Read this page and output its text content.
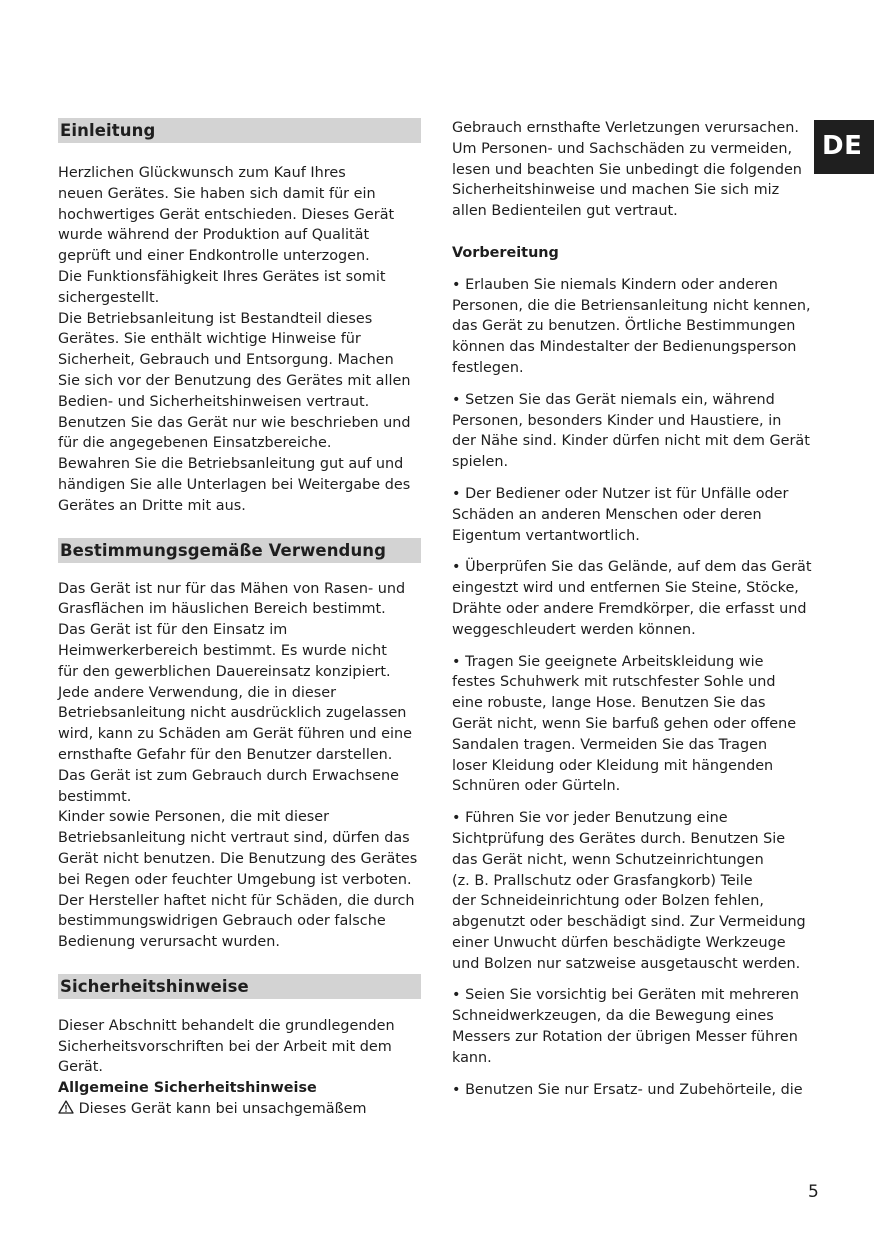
DE
Einleitung

Herzlichen Glückwunsch zum Kauf Ihres
neuen Gerätes. Sie haben sich damit für ein
hochwertiges Gerät entschieden. Dieses Gerät
wurde während der Produktion auf Qualität
geprüft und einer Endkontrolle unterzogen.
Die Funktionsfähigkeit Ihres Gerätes ist somit
sichergestellt.
Die Betriebsanleitung ist Bestandteil dieses
Gerätes. Sie enthält wichtige Hinweise für
Sicherheit, Gebrauch und Entsorgung. Machen
Sie sich vor der Benutzung des Gerätes mit allen
Bedien- und Sicherheitshinweisen vertraut.
Benutzen Sie das Gerät nur wie beschrieben und
für die angegebenen Einsatzbereiche.
Bewahren Sie die Betriebsanleitung gut auf und
händigen Sie alle Unterlagen bei Weitergabe des
Gerätes an Dritte mit aus.

Bestimmungsgemäße Verwendung

Das Gerät ist nur für das Mähen von Rasen- und
Grasflächen im häuslichen Bereich bestimmt.
Das Gerät ist für den Einsatz im
Heimwerkerbereich bestimmt. Es wurde nicht
für den gewerblichen Dauereinsatz konzipiert.
Jede andere Verwendung, die in dieser
Betriebsanleitung nicht ausdrücklich zugelassen
wird, kann zu Schäden am Gerät führen und eine
ernsthafte Gefahr für den Benutzer darstellen.
Das Gerät ist zum Gebrauch durch Erwachsene
bestimmt.
Kinder sowie Personen, die mit dieser
Betriebsanleitung nicht vertraut sind, dürfen das
Gerät nicht benutzen. Die Benutzung des Gerätes
bei Regen oder feuchter Umgebung ist verboten.
Der Hersteller haftet nicht für Schäden, die durch
bestimmungswidrigen Gebrauch oder falsche
Bedienung verursacht wurden.

Sicherheitshinweise

Dieser Abschnitt behandelt die grundlegenden
Sicherheitsvorschriften bei der Arbeit mit dem
Gerät.

Allgemeine Sicherheitshinweise
Dieses Gerät kann bei unsachgemäßem

Gebrauch ernsthafte Verletzungen verursachen.
Um Personen- und Sachschäden zu vermeiden,
lesen und beachten Sie unbedingt die folgenden
Sicherheitshinweise und machen Sie sich miz
allen Bedienteilen gut vertraut.

Vorbereitung

• Erlauben Sie niemals Kindern oder anderen
Personen, die die Betriensanleitung nicht kennen,
das Gerät zu benutzen. Örtliche Bestimmungen
können das Mindestalter der Bedienungsperson
festlegen.

• Setzen Sie das Gerät niemals ein, während
Personen, besonders Kinder und Haustiere, in
der Nähe sind. Kinder dürfen nicht mit dem Gerät
spielen.

• Der Bediener oder Nutzer ist für Unfälle oder
Schäden an anderen Menschen oder deren
Eigentum vertantwortlich.

• Überprüfen Sie das Gelände, auf dem das Gerät
eingestzt wird und entfernen Sie Steine, Stöcke,
Drähte oder andere Fremdkörper, die erfasst und
weggeschleudert werden können.

• Tragen Sie geeignete Arbeitskleidung wie
festes Schuhwerk mit rutschfester Sohle und
eine robuste, lange Hose. Benutzen Sie das
Gerät nicht, wenn Sie barfuß gehen oder offene
Sandalen tragen. Vermeiden Sie das Tragen
loser Kleidung oder Kleidung mit hängenden
Schnüren oder Gürteln.

• Führen Sie vor jeder Benutzung eine
Sichtprüfung des Gerätes durch. Benutzen Sie
das Gerät nicht, wenn Schutzeinrichtungen
(z. B. Prallschutz oder Grasfangkorb) Teile
der Schneideinrichtung oder Bolzen fehlen,
abgenutzt oder beschädigt sind. Zur Vermeidung
einer Unwucht dürfen beschädigte Werkzeuge
und Bolzen nur satzweise ausgetauscht werden.

• Seien Sie vorsichtig bei Geräten mit mehreren
Schneidwerkzeugen, da die Bewegung eines
Messers zur Rotation der übrigen Messer führen
kann.

• Benutzen Sie nur Ersatz- und Zubehörteile, die

5
